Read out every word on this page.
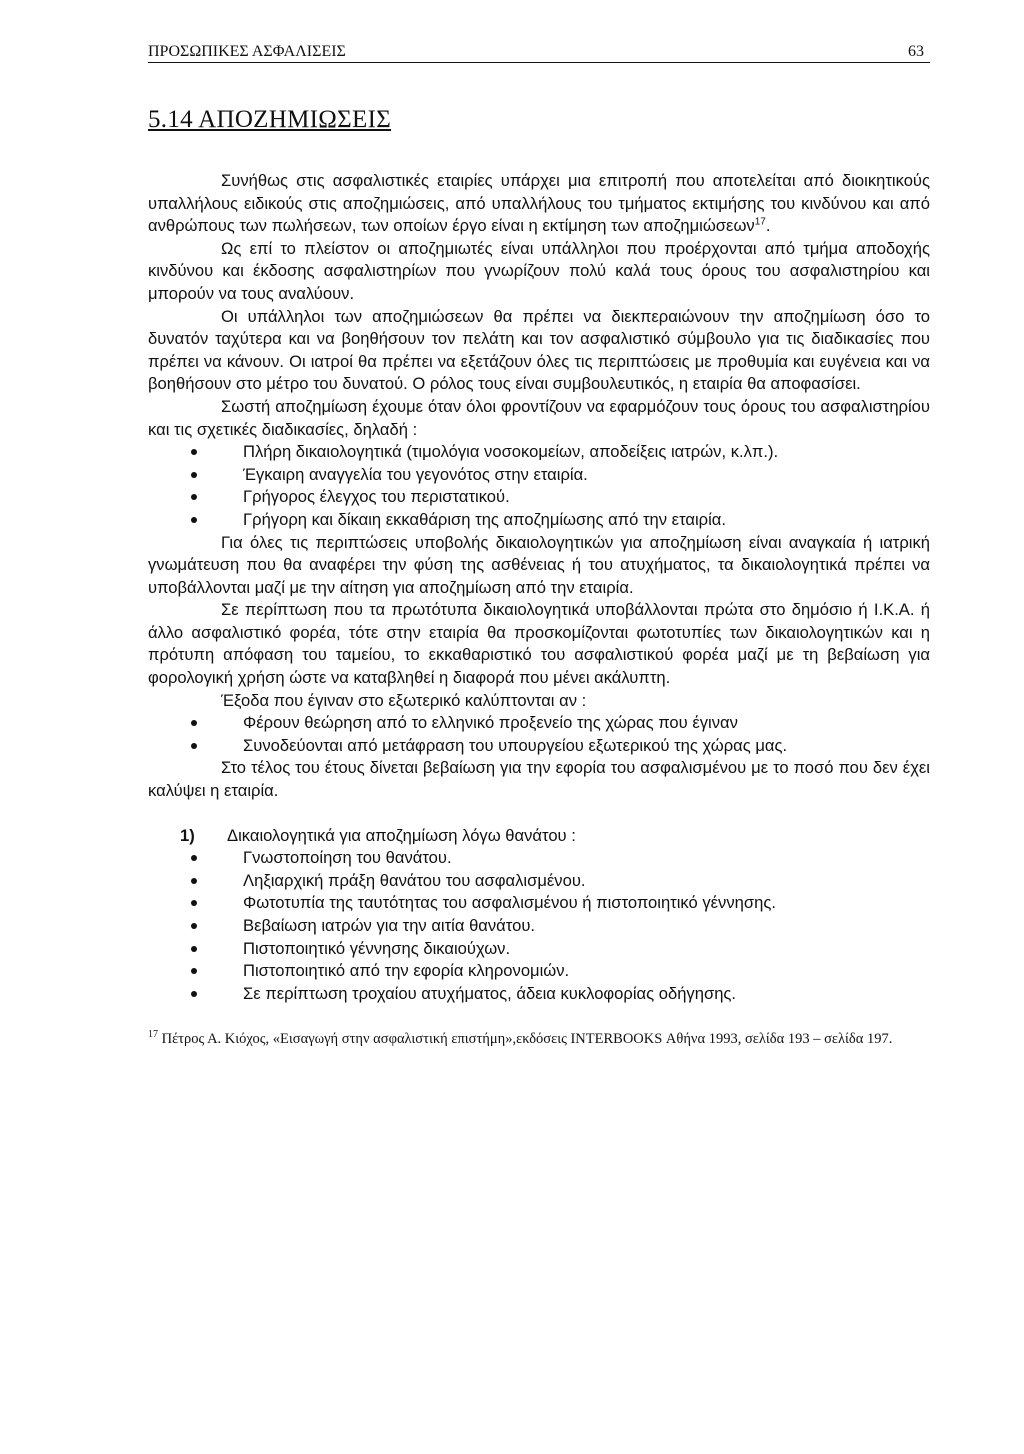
ΠΡΟΣΩΠΙΚΕΣ ΑΣΦΑΛΙΣΕΙΣ	63
5.14 ΑΠΟΖΗΜΙΩΣΕΙΣ

Συνήθως στις ασφαλιστικές εταιρίες υπάρχει μια επιτροπή που αποτελείται από διοικητικούς υπαλλήλους ειδικούς στις αποζημιώσεις, από υπαλλήλους του τμήματος εκτιμήσης του κινδύνου και από ανθρώπους των πωλήσεων, των οποίων έργο είναι η εκτίμηση των αποζημιώσεων$^{17}$.

Ως επί το πλείστον οι αποζημιωτές είναι υπάλληλοι που προέρχονται από τμήμα αποδοχής κινδύνου και έκδοσης ασφαλιστηρίων που γνωρίζουν πολύ καλά τους όρους του ασφαλιστηρίου και μπορούν να τους αναλύουν.

Οι υπάλληλοι των αποζημιώσεων θα πρέπει να διεκπεραιώνουν την αποζημίωση όσο το δυνατόν ταχύτερα και να βοηθήσουν τον πελάτη και τον ασφαλιστικό σύμβουλο για τις διαδικασίες που πρέπει να κάνουν. Οι ιατροί θα πρέπει να εξετάζουν όλες τις περιπτώσεις με προθυμία και ευγένεια και να βοηθήσουν στο μέτρο του δυνατού. Ο ρόλος τους είναι συμβουλευτικός, η εταιρία θα αποφασίσει.

Σωστή αποζημίωση έχουμε όταν όλοι φροντίζουν να εφαρμόζουν τους όρους του ασφαλιστηρίου και τις σχετικές διαδικασίες, δηλαδή :

Πλήρη δικαιολογητικά (τιμολόγια νοσοκομείων, αποδείξεις ιατρών, κ.λπ.).
Έγκαιρη αναγγελία του γεγονότος στην εταιρία.
Γρήγορος έλεγχος του περιστατικού.
Γρήγορη και δίκαιη εκκαθάριση της αποζημίωσης από την εταιρία.

Για όλες τις περιπτώσεις υποβολής δικαιολογητικών για αποζημίωση είναι αναγκαία ή ιατρική γνωμάτευση που θα αναφέρει την φύση της ασθένειας ή του ατυχήματος, τα δικαιολογητικά πρέπει να υποβάλλονται μαζί με την αίτηση για αποζημίωση από την εταιρία.

Σε περίπτωση που τα πρωτότυπα δικαιολογητικά υποβάλλονται πρώτα στο δημόσιο ή Ι.Κ.Α. ή άλλο ασφαλιστικό φορέα, τότε στην εταιρία θα προσκομίζονται φωτοτυπίες των δικαιολογητικών και η πρότυπη απόφαση του ταμείου, το εκκαθαριστικό του ασφαλιστικού φορέα μαζί με τη βεβαίωση για φορολογική χρήση ώστε να καταβληθεί η διαφορά που μένει ακάλυπτη.

Έξοδα που έγιναν στο εξωτερικό καλύπτονται αν :

Φέρουν θεώρηση από το ελληνικό προξενείο της χώρας που έγιναν
Συνοδεύονται από μετάφραση του υπουργείου εξωτερικού της χώρας μας.

Στο τέλος του έτους δίνεται βεβαίωση για την εφορία του ασφαλισμένου με το ποσό που δεν έχει καλύψει η εταιρία.

1) Δικαιολογητικά για αποζημίωση λόγω θανάτου :
Γνωστοποίηση του θανάτου.
Ληξιαρχική πράξη θανάτου του ασφαλισμένου.
Φωτοτυπία της ταυτότητας του ασφαλισμένου ή πιστοποιητικό γέννησης.
Βεβαίωση ιατρών για την αιτία θανάτου.
Πιστοποιητικό γέννησης δικαιούχων.
Πιστοποιητικό από την εφορία κληρονομιών.
Σε περίπτωση τροχαίου ατυχήματος, άδεια κυκλοφορίας οδήγησης.
$^{17}$ Πέτρος Α. Κιόχος, «Εισαγωγή στην ασφαλιστική επιστήμη»,εκδόσεις INTERBOOKS Αθήνα 1993, σελίδα 193 – σελίδα 197.
